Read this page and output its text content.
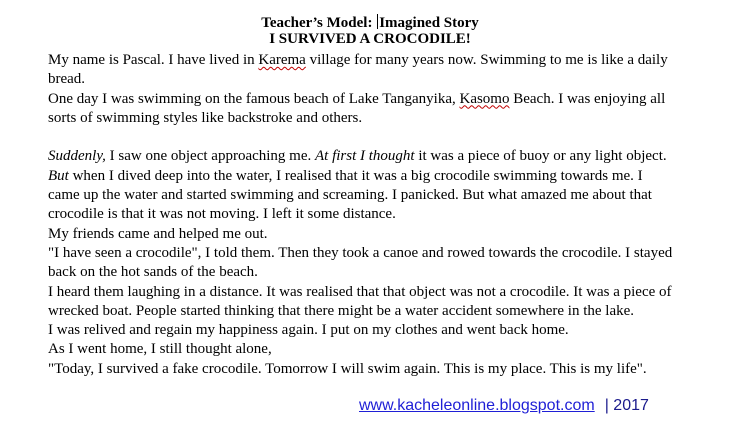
Teacher’s Model: Imagined Story
I SURVIVED A CROCODILE!

My name is Pascal. I have lived in Karema village for many years now. Swimming to me is like a daily bread.

One day I was swimming on the famous beach of Lake Tanganyika, Kasomo Beach. I was enjoying all sorts of swimming styles like backstroke and others.

Suddenly, I saw one object approaching me. At first I thought it was a piece of buoy or any light object. But when I dived deep into the water, I realised that it was a big crocodile swimming towards me. I came up the water and started swimming and screaming. I panicked. But what amazed me about that crocodile is that it was not moving. I left it some distance.

My friends came and helped me out.

"I have seen a crocodile", I told them. Then they took a canoe and rowed towards the crocodile. I stayed back on the hot sands of the beach.

I heard them laughing in a distance. It was realised that that object was not a crocodile. It was a piece of wrecked boat. People started thinking that there might be a water accident somewhere in the lake.

I was relived and regain my happiness again. I put on my clothes and went back home.

As I went home, I still thought alone,

"Today, I survived a fake crocodile. Tomorrow I will swim again. This is my place. This is my life".

www.kacheleonline.blogspot.com | 2017
